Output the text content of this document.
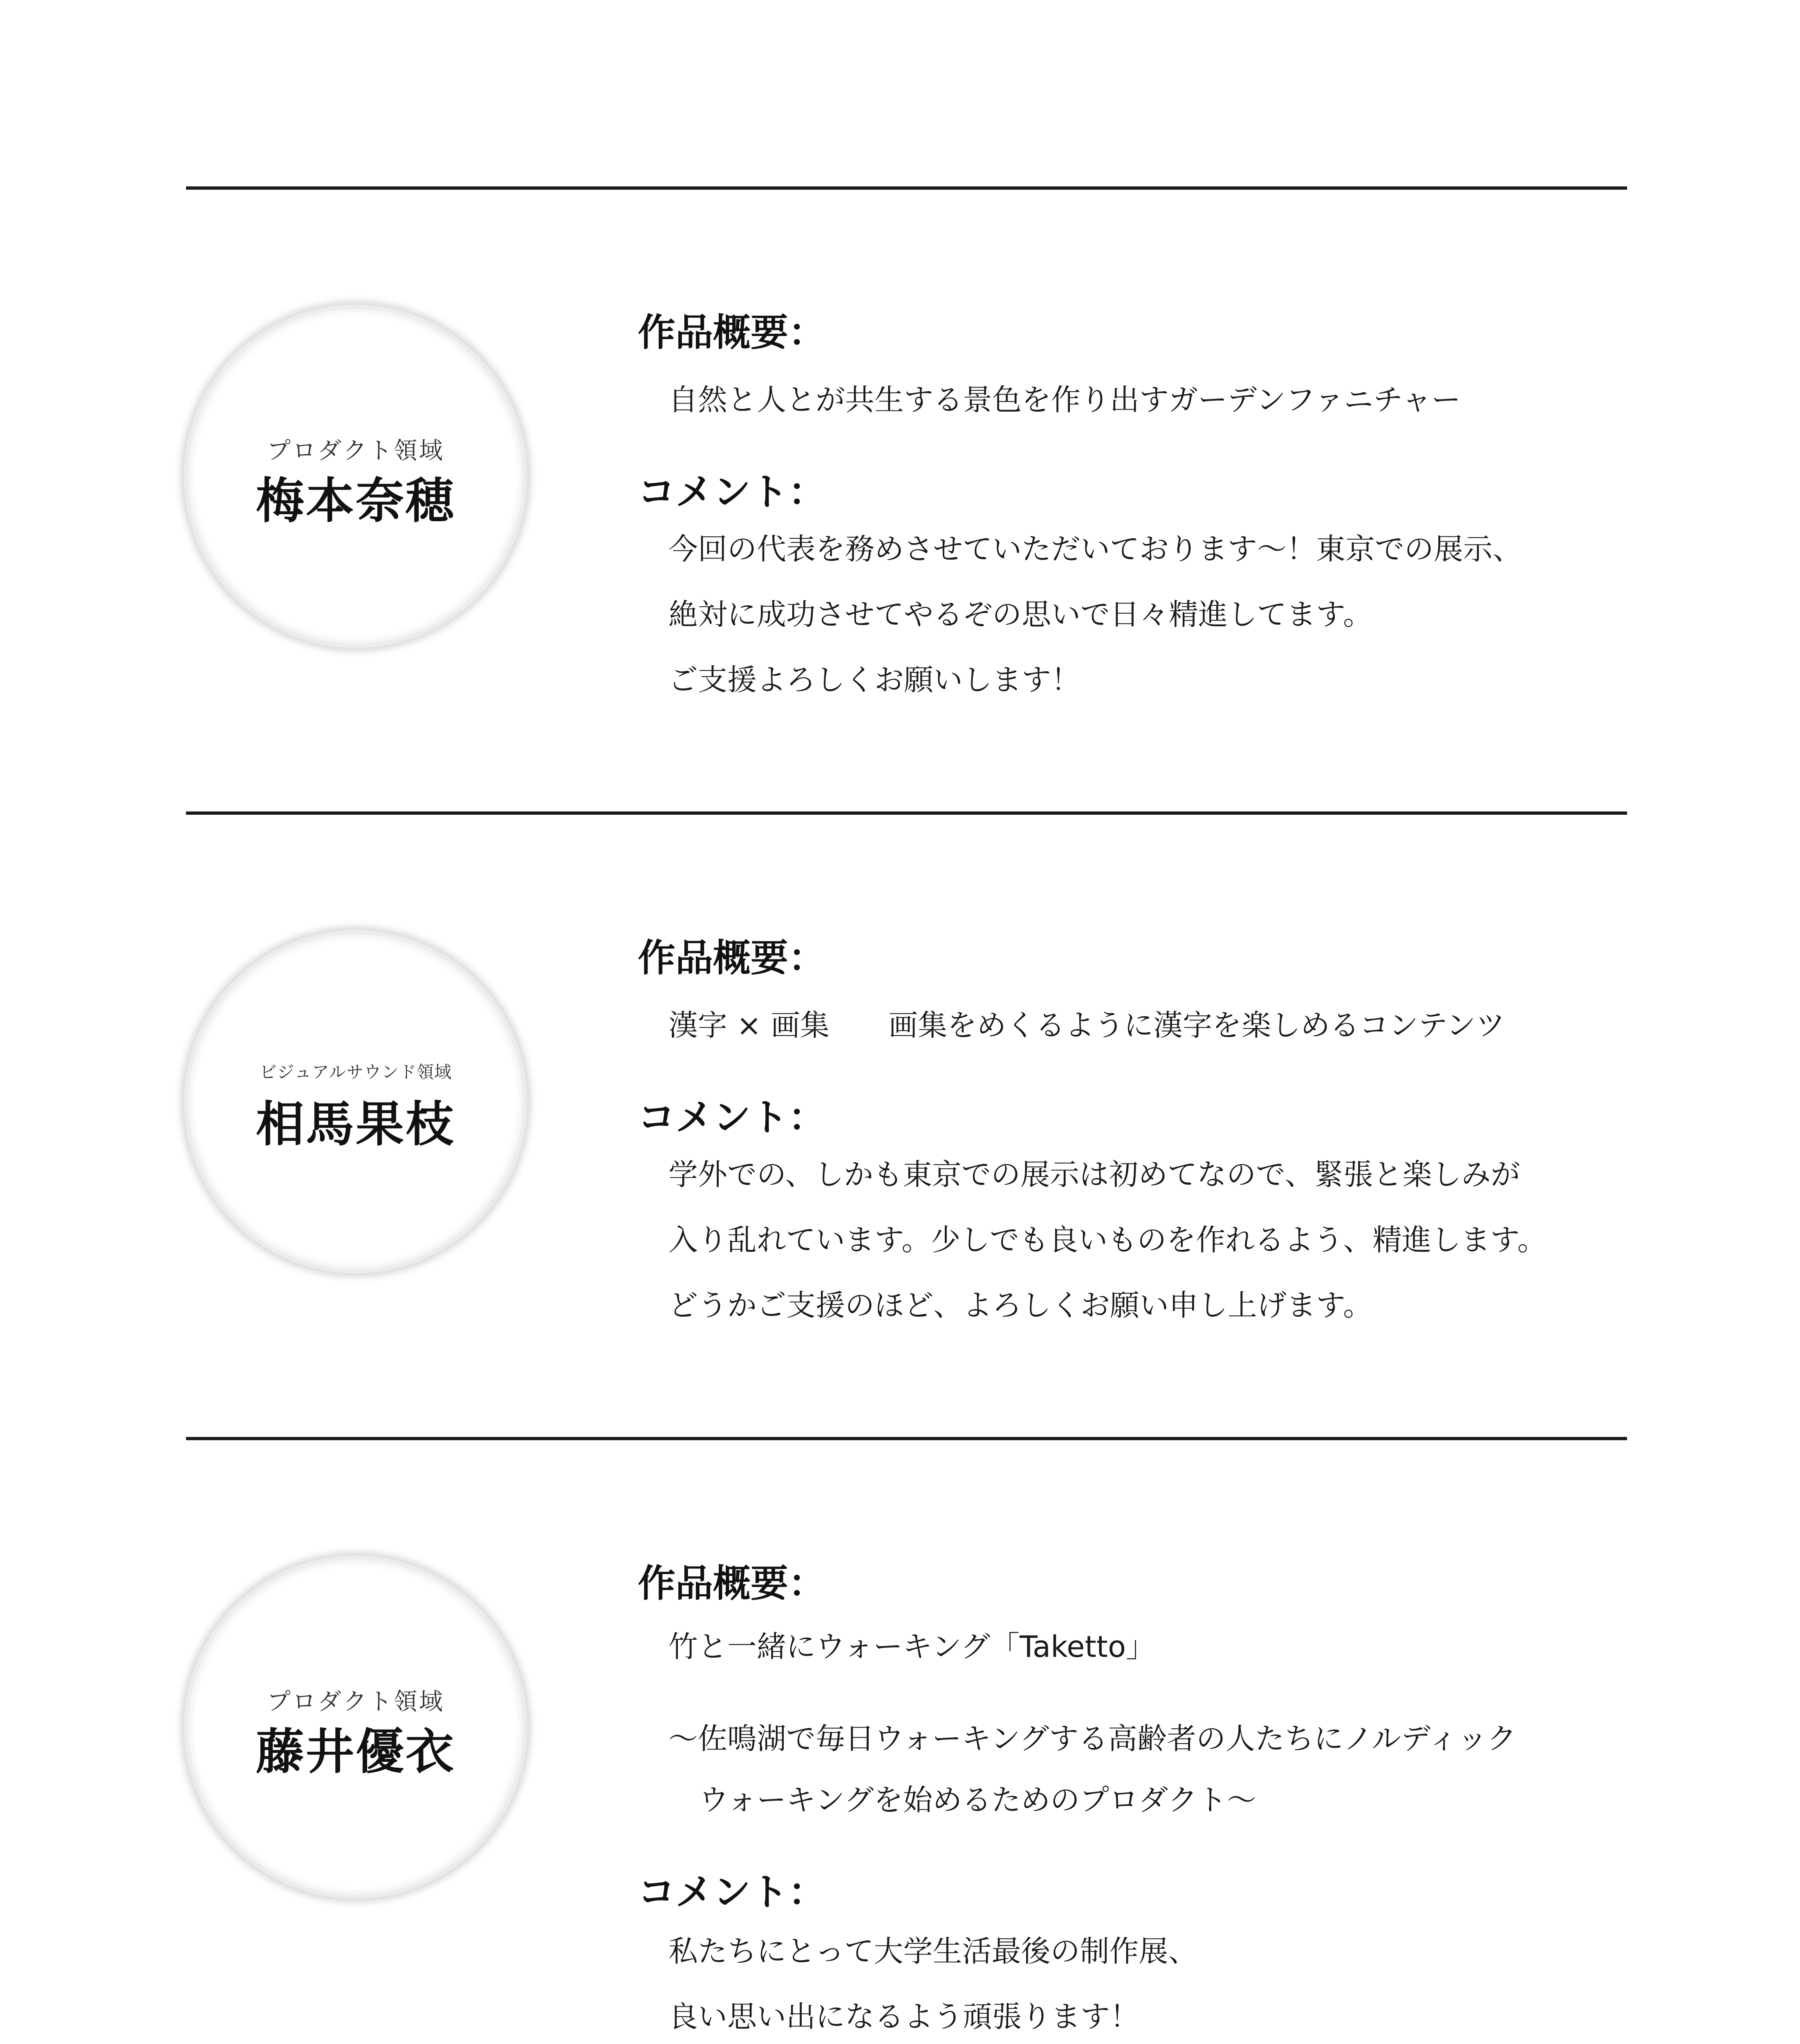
プロダクト領域
梅本奈穂
作品概要：
自然と人とが共生する景色を作り出すガーデンファニチャー
コメント：
今回の代表を務めさせていただいております〜！東京での展示、
絶対に成功させてやるぞの思いで日々精進してます。
ご支援よろしくお願いします！
ビジュアルサウンド領域
相馬果枝
作品概要：
漢字 × 画集　　画集をめくるように漢字を楽しめるコンテンツ
コメント：
学外での、しかも東京での展示は初めてなので、緊張と楽しみが
入り乱れています。少しでも良いものを作れるよう、精進します。
どうかご支援のほど、よろしくお願い申し上げます。
プロダクト領域
藤井優衣
作品概要：
竹と一緒にウォーキング「Taketto」
〜佐鳴湖で毎日ウォーキングする高齢者の人たちにノルディック
ウォーキングを始めるためのプロダクト〜
コメント：
私たちにとって大学生活最後の制作展、
良い思い出になるよう頑張ります！
